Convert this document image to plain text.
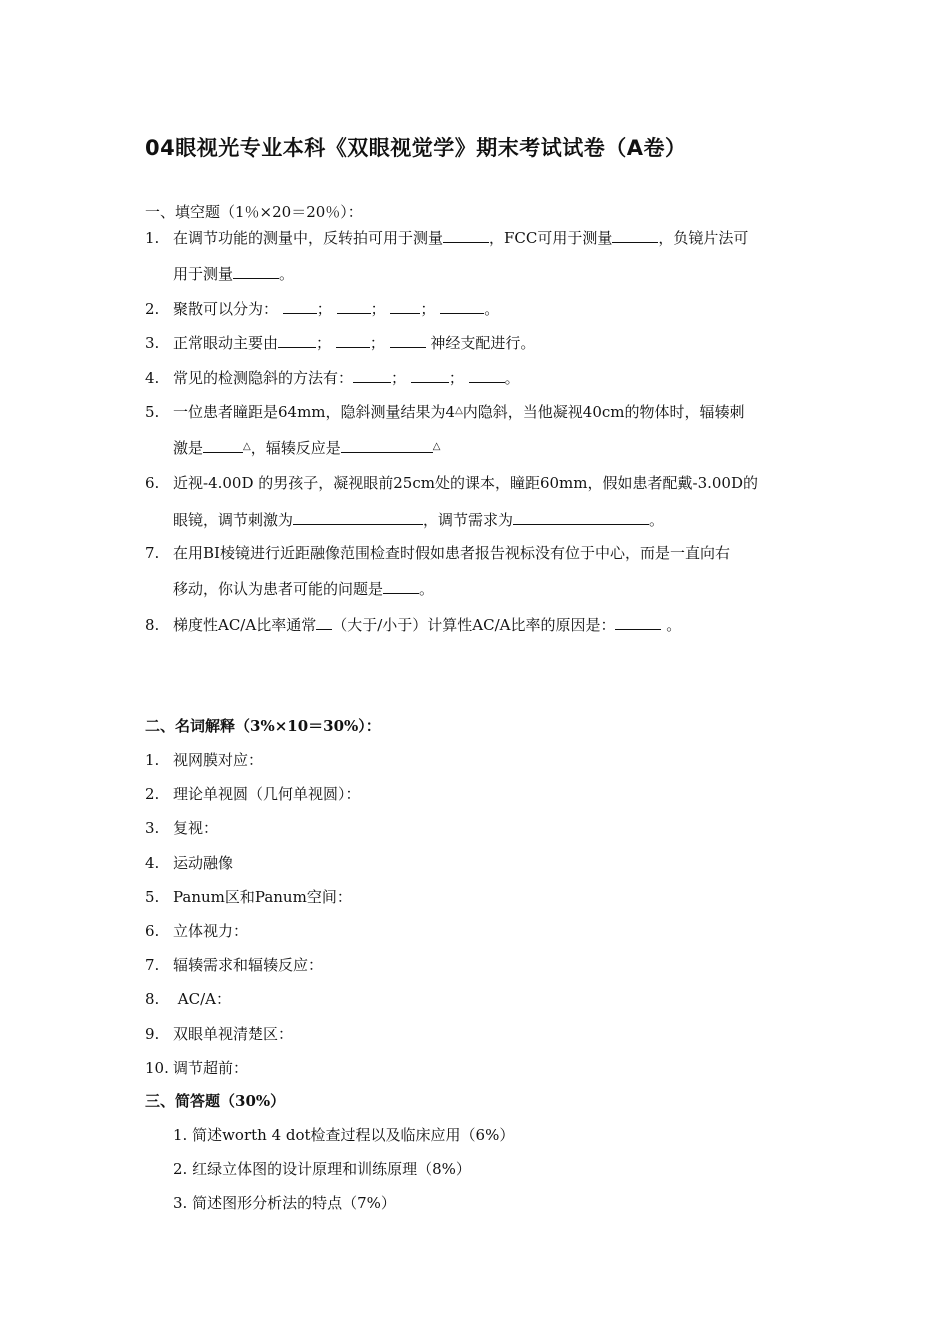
04眼视光专业本科《双眼视觉学》期末考试试卷（A卷）
一、填空题（1％×20＝20％）：
1. 在调节功能的测量中，反转拍可用于测量	，FCC可用于测量	，负镜片法可
用于测量	。
2. 聚散可以分为：	；	； ；	。
3. 正常眼动主要由	；	；	神经支配进行。
4. 常见的检测隐斜的方法有：	；	；	。
5. 一位患者瞳距是64mm，隐斜测量结果为4△内隐斜，当他凝视40cm的物体时，辐辏刺
激是	△，辐辏反应是	△
6. 近视-4.00D 的男孩子，凝视眼前25cm处的课本，瞳距60mm，假如患者配戴-3.00D的
眼镜，调节刺激为	，调节需求为	。
7. 在用BI棱镜进行近距融像范围检查时假如患者报告视标没有位于中心，而是一直向右
移动，你认为患者可能的问题是 。
8. 梯度性AC/A比率通常 （大于/小于）计算性AC/A比率的原因是：	。
二、名词解释（3%×10＝30%）：
1. 视网膜对应：
2. 理论单视圆（几何单视圆）：
3. 复视：
4. 运动融像
5. Panum区和Panum空间：
6. 立体视力：
7. 辐辏需求和辐辏反应：
8. AC/A：
9. 双眼单视清楚区：
10. 调节超前：
三、简答题（30%）
1. 简述worth 4 dot检查过程以及临床应用（6%）
2. 红绿立体图的设计原理和训练原理（8%）
3. 简述图形分析法的特点（7%）
